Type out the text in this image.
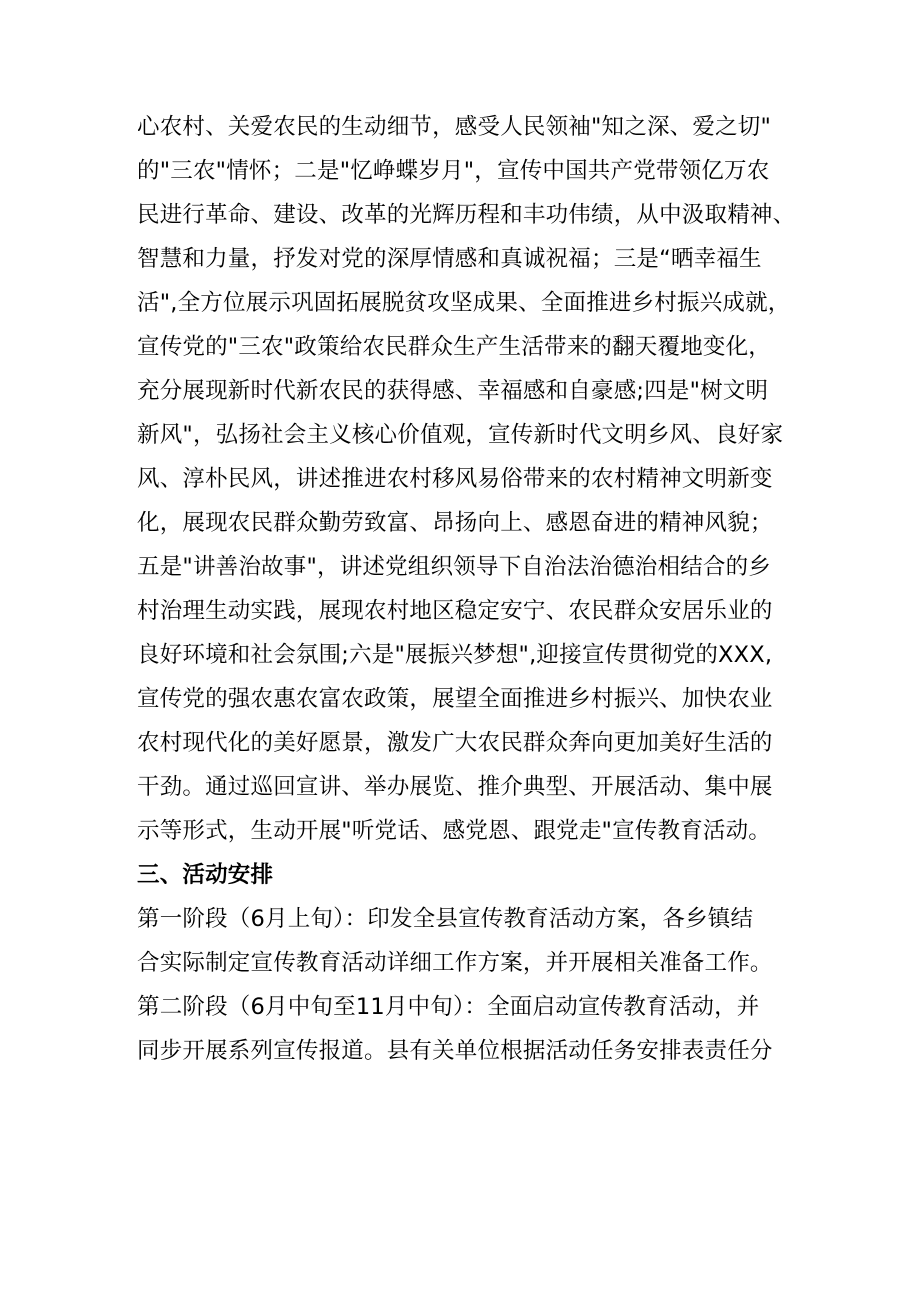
心农村、关爱农民的生动细节，感受人民领袖"知之深、爱之切"
的"三农"情怀；二是"忆峥蝶岁月"，宣传中国共产党带领亿万农
民进行革命、建设、改革的光辉历程和丰功伟绩，从中汲取精神、
智慧和力量，抒发对党的深厚情感和真诚祝福；三是“晒幸福生
活",全方位展示巩固拓展脱贫攻坚成果、全面推进乡村振兴成就，
宣传党的"三农"政策给农民群众生产生活带来的翻天覆地变化，
充分展现新时代新农民的获得感、幸福感和自豪感;四是"树文明
新风"，弘扬社会主义核心价值观，宣传新时代文明乡风、良好家
风、淳朴民风，讲述推进农村移风易俗带来的农村精神文明新变
化，展现农民群众勤劳致富、昂扬向上、感恩奋进的精神风貌；
五是"讲善治故事"，讲述党组织领导下自治法治德治相结合的乡
村治理生动实践，展现农村地区稳定安宁、农民群众安居乐业的
良好环境和社会氛围;六是"展振兴梦想",迎接宣传贯彻党的XXX,
宣传党的强农惠农富农政策，展望全面推进乡村振兴、加快农业
农村现代化的美好愿景，激发广大农民群众奔向更加美好生活的
干劲。通过巡回宣讲、举办展览、推介典型、开展活动、集中展
示等形式，生动开展"听党话、感党恩、跟党走"宣传教育活动。
三、活动安排
第一阶段（6月上旬）：印发全县宣传教育活动方案，各乡镇结
合实际制定宣传教育活动详细工作方案，并开展相关准备工作。
第二阶段（6月中旬至11月中旬）：全面启动宣传教育活动，并
同步开展系列宣传报道。县有关单位根据活动任务安排表责任分
